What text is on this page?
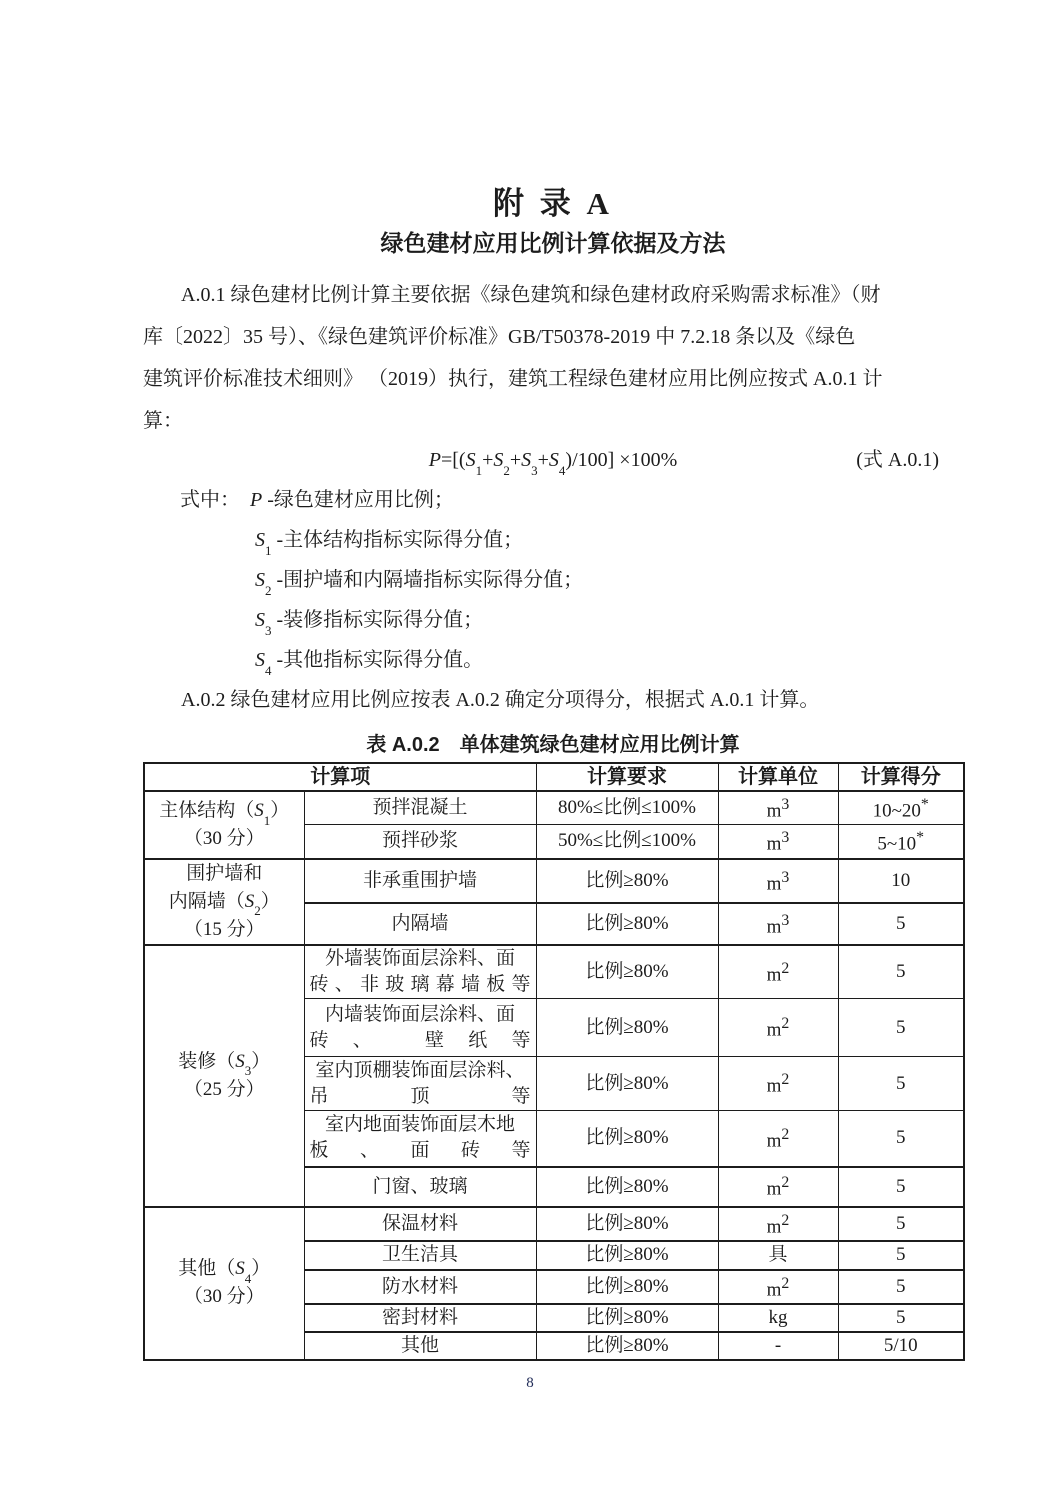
附 录 A
绿色建材应用比例计算依据及方法
A.0.1 绿色建材比例计算主要依据《绿色建筑和绿色建材政府采购需求标准》（财
库〔2022〕35 号）、《绿色建筑评价标准》GB/T50378-2019 中 7.2.18 条以及《绿色
建筑评价标准技术细则》 （2019）执行，建筑工程绿色建材应用比例应按式 A.0.1 计
算：
$P=[(S_1+S_2+S_3+S_4)/100] \times 100\%$	(式 A.0.1)
式中： P -绿色建材应用比例；
$S_1$ -主体结构指标实际得分值；
$S_2$ -围护墙和内隔墙指标实际得分值；
$S_3$ -装修指标实际得分值；
$S_4$ -其他指标实际得分值。
A.0.2 绿色建材应用比例应按表 A.0.2 确定分项得分，根据式 A.0.1 计算。
表 A.0.2　单体建筑绿色建材应用比例计算
计算项		计算要求	计算单位	计算得分

主体结构$(S_1)$
（30 分）	预拌混凝土	80%≤比例≤100%	$m^3$	10~20*
	预拌砂浆	50%≤比例≤100%	$m^3$	5~10*

围护墙和
内隔墙$(S_2)$
（15 分）	非承重围护墙	比例≥80%	$m^3$	10
	内隔墙	比例≥80%	$m^3$	5

装修$(S_3)$
（25 分）	外墙装饰面层涂料、面砖、非玻璃幕墙板等	比例≥80%	$m^2$	5
	内墙装饰面层涂料、面砖、 壁纸等	比例≥80%	$m^2$	5
	室内顶棚装饰面层涂料、吊顶等	比例≥80%	$m^2$	5
	室内地面装饰面层木地板、面砖等	比例≥80%	$m^2$	5
	门窗、玻璃	比例≥80%	$m^2$	5

其他$(S_4)$
（30 分）	保温材料	比例≥80%	$m^2$	5
	卫生洁具	比例≥80%	具	5
	防水材料	比例≥80%	$m^2$	5
	密封材料	比例≥80%	kg	5
	其他	比例≥80%	-	5/10
8
